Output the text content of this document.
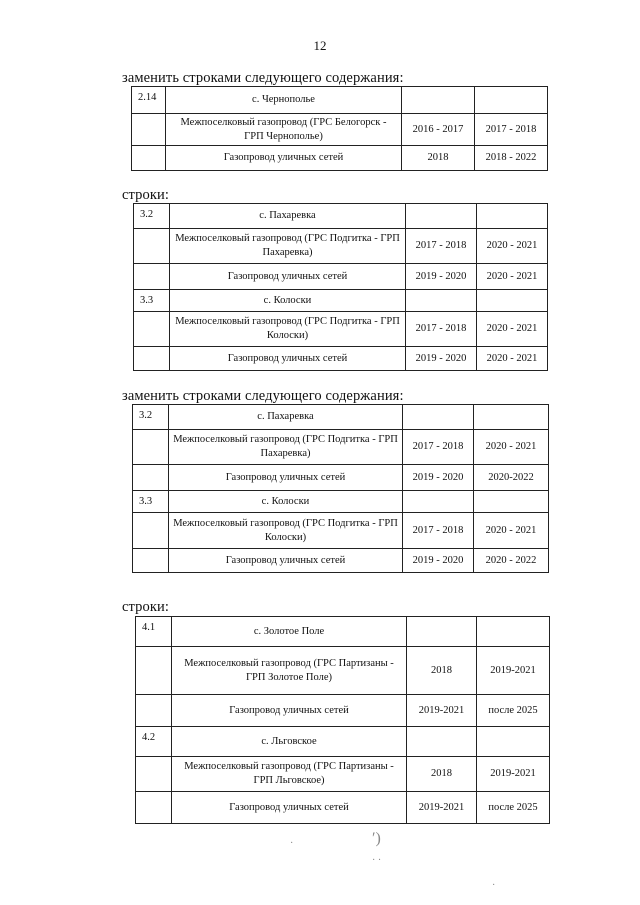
12
заменить строками следующего содержания:
2.14	с. Чернополье		
	Межпоселковый газопровод (ГРС Белогорск - ГРП Чернополье)	2016 - 2017	2017 - 2018
	Газопровод уличных сетей	2018	2018 - 2022
строки:
3.2	с. Пахаревка		
	Межпоселковый газопровод (ГРС Подгитка - ГРП Пахаревка)	2017 - 2018	2020 - 2021
	Газопровод уличных сетей	2019 - 2020	2020 - 2021
3.3	с. Колоски		
	Межпоселковый газопровод (ГРС Подгитка - ГРП Колоски)	2017 - 2018	2020 - 2021
	Газопровод уличных сетей	2019 - 2020	2020 - 2021
заменить строками следующего содержания:
3.2	с. Пахаревка		
	Межпоселковый газопровод (ГРС Подгитка - ГРП Пахаревка)	2017 - 2018	2020 - 2021
	Газопровод уличных сетей	2019 - 2020	2020-2022
3.3	с. Колоски		
	Межпоселковый газопровод (ГРС Подгитка - ГРП Колоски)	2017 - 2018	2020 - 2021
	Газопровод уличных сетей	2019 - 2020	2020 - 2022
строки:
4.1	с. Золотое Поле		
	Межпоселковый газопровод (ГРС Партизаны - ГРП Золотое Поле)	2018	2019-2021
	Газопровод уличных сетей	2019-2021	после 2025
4.2	с. Льговское		
	Межпоселковый газопровод (ГРС Партизаны - ГРП Льговское)	2018	2019-2021
	Газопровод уличных сетей	2019-2021	после 2025
·	′)
· ·
·
